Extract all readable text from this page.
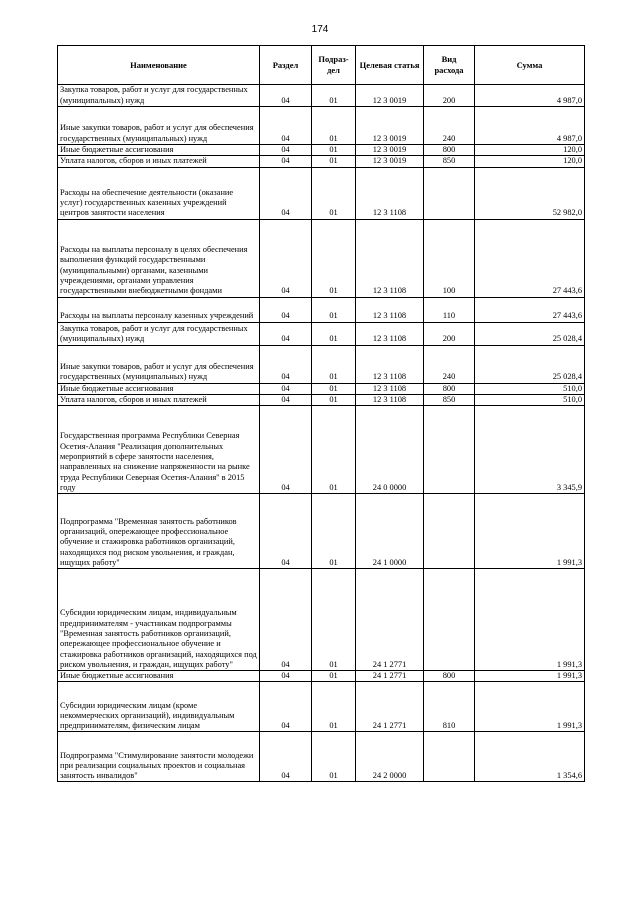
174
Наименование	Раздел	Подраз-дел	Целевая статья	Вид расхода	Сумма
Закупка товаров, работ и услуг для государственных (муниципальных) нужд	04	01	12 3 0019	200	4 987,0
Иные закупки товаров, работ и услуг для обеспечения государственных (муниципальных) нужд	04	01	12 3 0019	240	4 987,0
Иные бюджетные ассигнования	04	01	12 3 0019	800	120,0
Уплата налогов, сборов и иных платежей	04	01	12 3 0019	850	120,0
Расходы на обеспечение деятельности (оказание услуг) государственных казенных учреждений центров занятости населения	04	01	12 3 1108		52 982,0
Расходы на выплаты персоналу в целях обеспечения выполнения функций государственными (муниципальными) органами, казенными учреждениями, органами управления государственными внебюджетными фондами	04	01	12 3 1108	100	27 443,6
Расходы на выплаты персоналу казенных учреждений	04	01	12 3 1108	110	27 443,6
Закупка товаров, работ и услуг для государственных (муниципальных) нужд	04	01	12 3 1108	200	25 028,4
Иные закупки товаров, работ и услуг для обеспечения государственных (муниципальных) нужд	04	01	12 3 1108	240	25 028,4
Иные бюджетные ассигнования	04	01	12 3 1108	800	510,0
Уплата налогов, сборов и иных платежей	04	01	12 3 1108	850	510,0
Государственная программа Республики Северная Осетия-Алания "Реализация дополнительных мероприятий в сфере занятости населения, направленных на снижение напряженности на рынке труда Республики Северная Осетия-Алания" в 2015 году	04	01	24 0 0000		3 345,9
Подпрограмма "Временная занятость работников организаций, опережающее профессиональное обучение и стажировка работников организаций, находящихся под риском увольнения, и граждан, ищущих работу"	04	01	24 1 0000		1 991,3
Субсидии юридическим лицам, индивидуальным предпринимателям - участникам подпрограммы "Временная занятость работников организаций, опережающее профессиональное обучение и стажировка работников организаций, находящихся под риском увольнения, и граждан, ищущих работу"	04	01	24 1 2771		1 991,3
Иные бюджетные ассигнования	04	01	24 1 2771	800	1 991,3
Субсидии юридическим лицам (кроме некоммерческих организаций), индивидуальным предпринимателям, физическим лицам	04	01	24 1 2771	810	1 991,3
Подпрограмма "Стимулирование занятости молодежи при реализации социальных проектов и социальная занятость инвалидов"	04	01	24 2 0000		1 354,6
